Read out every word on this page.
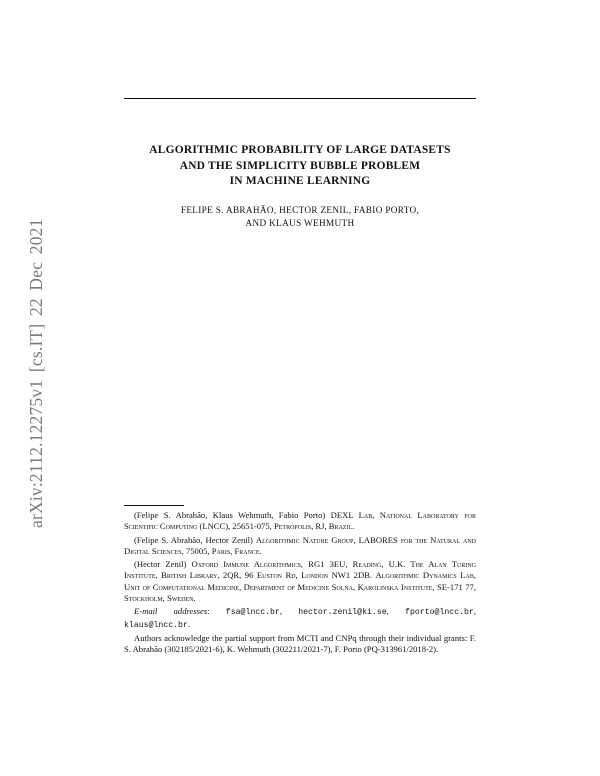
arXiv:2112.12275v1 [cs.IT] 22 Dec 2021
ALGORITHMIC PROBABILITY OF LARGE DATASETS
AND THE SIMPLICITY BUBBLE PROBLEM
IN MACHINE LEARNING
FELIPE S. ABRAHÃO, HECTOR ZENIL, FABIO PORTO,
AND KLAUS WEHMUTH

(Felipe S. Abrahão, Klaus Wehmuth, Fabio Porto) DEXL Lab, National Laboratory for Scientific Computing (LNCC), 25651-075, Petrópolis, RJ, Brazil.

(Felipe S. Abrahão, Hector Zenil) Algorithmic Nature Group, LABORES for the Natural and Digital Sciences, 75005, Paris, France.

(Hector Zenil) Oxford Immune Algorithmics, RG1 3EU, Reading, U.K. The Alan Turing Institute, British Library, 2QR, 96 Euston Rd, London NW1 2DB. Algorithmic Dynamics Lab, Unit of Computational Medicine, Department of Medicine Solna, Karolinska Institute, SE-171 77, Stockholm, Sweden.

E-mail addresses: fsa@lncc.br, hector.zenil@ki.se, fporto@lncc.br, klaus@lncc.br.

Authors acknowledge the partial support from MCTI and CNPq through their individual grants: F. S. Abrahão (302185/2021-6), K. Wehmuth (302211/2021-7), F. Porto (PQ-313961/2018-2).
